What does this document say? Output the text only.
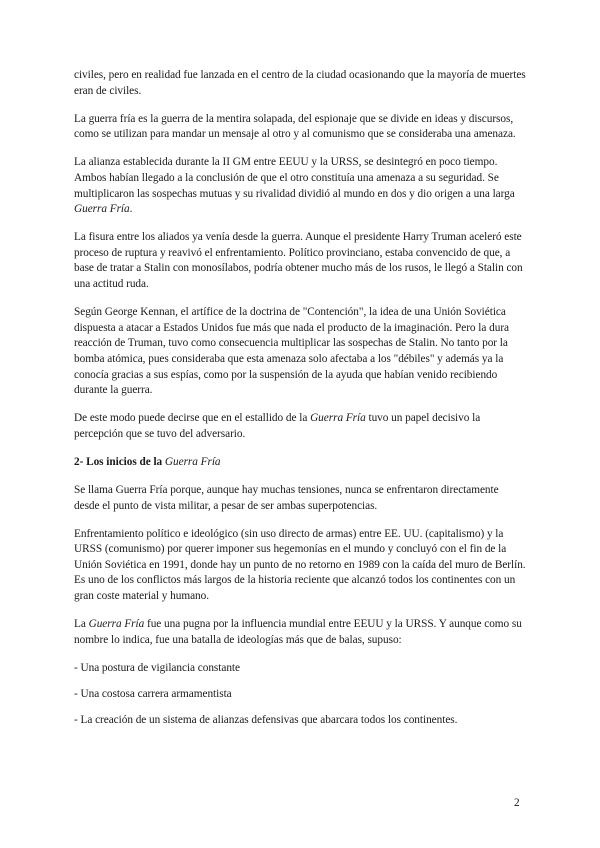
civiles, pero en realidad fue lanzada en el centro de la ciudad ocasionando que la mayoría de muertes eran de civiles.

La guerra fría es la guerra de la mentira solapada, del espionaje que se divide en ideas y discursos, como se utilizan para mandar un mensaje al otro y al comunismo que se consideraba una amenaza.

La alianza establecida durante la II GM entre EEUU y la URSS, se desintegró en poco tiempo. Ambos habían llegado a la conclusión de que el otro constituía una amenaza a su seguridad. Se multiplicaron las sospechas mutuas y su rivalidad dividió al mundo en dos y dio origen a una larga Guerra Fría.

La fisura entre los aliados ya venía desde la guerra. Aunque el presidente Harry Truman aceleró este proceso de ruptura y reavivó el enfrentamiento. Político provinciano, estaba convencido de que, a base de tratar a Stalin con monosílabos, podría obtener mucho más de los rusos, le llegó a Stalin con una actitud ruda.

Según George Kennan, el artífice de la doctrina de "Contención", la idea de una Unión Soviética dispuesta a atacar a Estados Unidos fue más que nada el producto de la imaginación. Pero la dura reacción de Truman, tuvo como consecuencia multiplicar las sospechas de Stalin. No tanto por la bomba atómica, pues consideraba que esta amenaza solo afectaba a los "débiles" y además ya la conocía gracias a sus espías, como por la suspensión de la ayuda que habían venido recibiendo durante la guerra.

De este modo puede decirse que en el estallido de la Guerra Fría tuvo un papel decisivo la percepción que se tuvo del adversario.

2- Los inicios de la Guerra Fría

Se llama Guerra Fría porque, aunque hay muchas tensiones, nunca se enfrentaron directamente desde el punto de vista militar, a pesar de ser ambas superpotencias.

Enfrentamiento político e ideológico (sin uso directo de armas) entre EE. UU. (capitalismo) y la URSS (comunismo) por querer imponer sus hegemonías en el mundo y concluyó con el fin de la Unión Soviética en 1991, donde hay un punto de no retorno en 1989 con la caída del muro de Berlín. Es uno de los conflictos más largos de la historia reciente que alcanzó todos los continentes con un gran coste material y humano.

La Guerra Fría fue una pugna por la influencia mundial entre EEUU y la URSS. Y aunque como su nombre lo indica, fue una batalla de ideologías más que de balas, supuso:

- Una postura de vigilancia constante

- Una costosa carrera armamentista

- La creación de un sistema de alianzas defensivas que abarcara todos los continentes.

2
